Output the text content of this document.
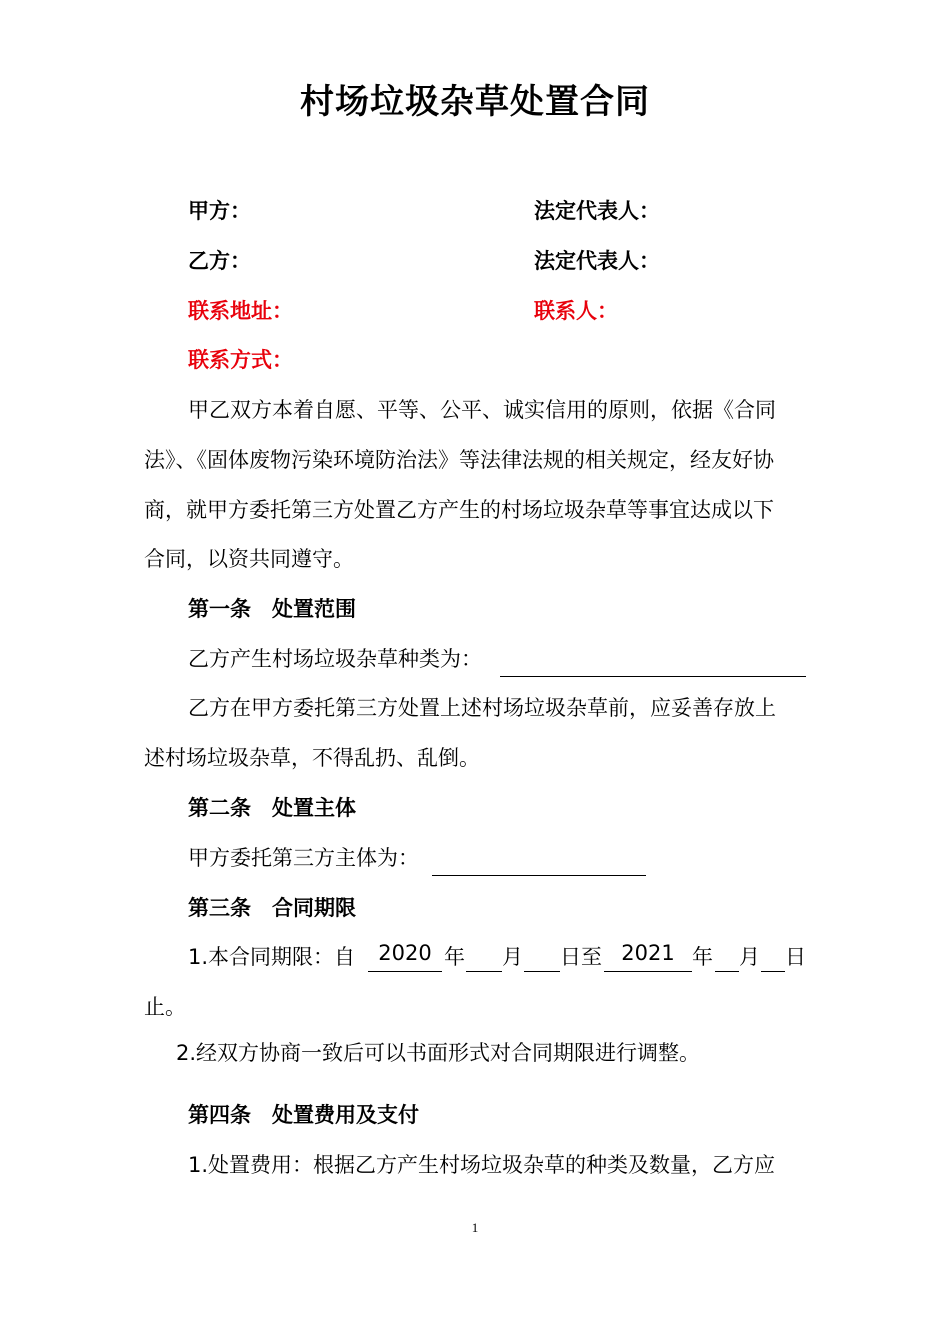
村场垃圾杂草处置合同
甲方：	法定代表人：
乙方：	法定代表人：
联系地址：	联系人：
联系方式：
甲乙双方本着自愿、平等、公平、诚实信用的原则，依据《合同
法》、《固体废物污染环境防治法》等法律法规的相关规定，经友好协
商，就甲方委托第三方处置乙方产生的村场垃圾杂草等事宜达成以下
合同，以资共同遵守。
第一条　处置范围
乙方产生村场垃圾杂草种类为：
乙方在甲方委托第三方处置上述村场垃圾杂草前，应妥善存放上
述村场垃圾杂草，不得乱扔、乱倒。
第二条　处置主体
甲方委托第三方主体为：
第三条　合同期限
1.本合同期限：自	2020 年 月 日至 2021 年 月 日
止。
2.经双方协商一致后可以书面形式对合同期限进行调整。
第四条　处置费用及支付
1.处置费用：根据乙方产生村场垃圾杂草的种类及数量，乙方应
1
